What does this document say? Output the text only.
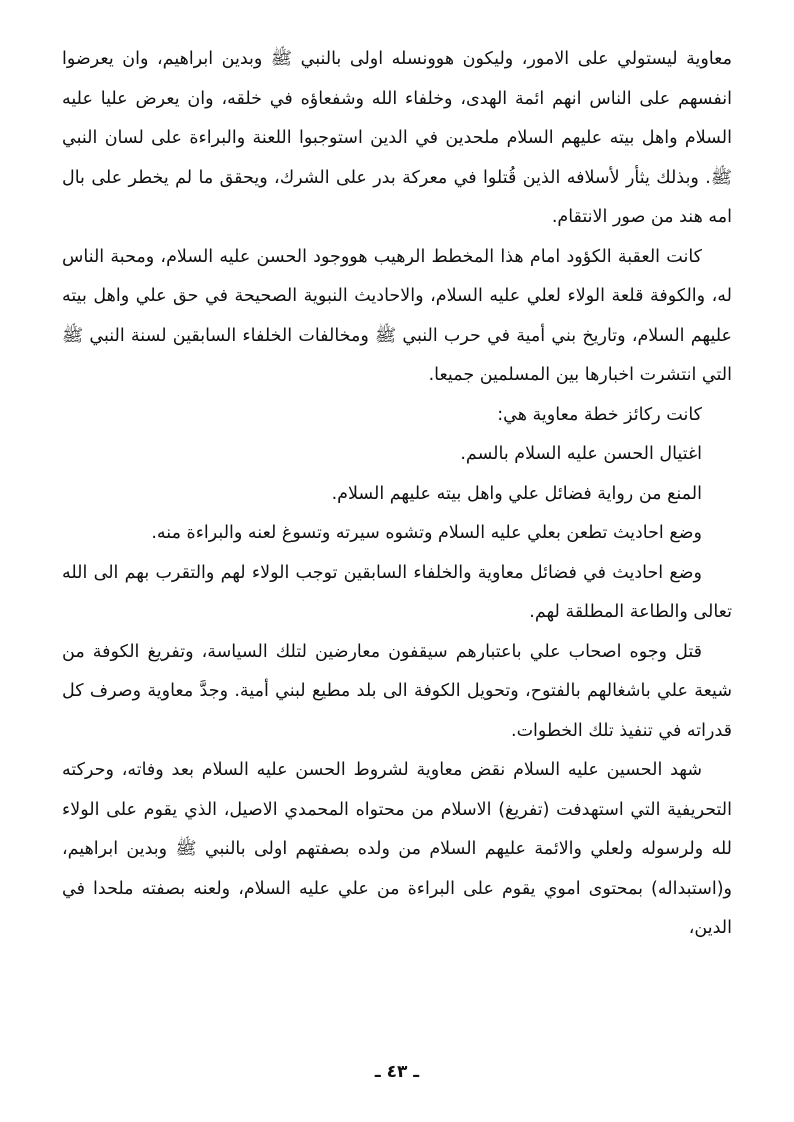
معاوية ليستولي على الامور، وليكون هوونسله اولى بالنبي ﷺ وبدين ابراهيم، وان يعرضوا انفسهم على الناس انهم ائمة الهدى، وخلفاء الله وشفعاؤه في خلقه، وان يعرض عليا عليه السلام واهل بيته عليهم السلام ملحدين في الدين استوجبوا اللعنة والبراءة على لسان النبي ﷺ. وبذلك يثأر لأسلافه الذين قُتلوا في معركة بدر على الشرك، ويحقق ما لم يخطر على بال امه هند من صور الانتقام.

كانت العقبة الكؤود امام هذا المخطط الرهيب هووجود الحسن عليه السلام، ومحبة الناس له، والكوفة قلعة الولاء لعلي عليه السلام، والاحاديث النبوية الصحيحة في حق علي واهل بيته عليهم السلام، وتاريخ بني أمية في حرب النبي ﷺ ومخالفات الخلفاء السابقين لسنة النبي ﷺ التي انتشرت اخبارها بين المسلمين جميعا.

كانت ركائز خطة معاوية هي:

اغتيال الحسن عليه السلام بالسم.

المنع من رواية فضائل علي واهل بيته عليهم السلام.

وضع احاديث تطعن بعلي عليه السلام وتشوه سيرته وتسوغ لعنه والبراءة منه.

وضع احاديث في فضائل معاوية والخلفاء السابقين توجب الولاء لهم والتقرب بهم الى الله تعالى والطاعة المطلقة لهم.

قتل وجوه اصحاب علي باعتبارهم سيقفون معارضين لتلك السياسة، وتفريغ الكوفة من شيعة علي باشغالهم بالفتوح، وتحويل الكوفة الى بلد مطيع لبني أمية. وجدَّ معاوية وصرف كل قدراته في تنفيذ تلك الخطوات.

شهد الحسين عليه السلام نقض معاوية لشروط الحسن عليه السلام بعد وفاته، وحركته التحريفية التي استهدفت (تفريغ) الاسلام من محتواه المحمدي الاصيل، الذي يقوم على الولاء لله ولرسوله ولعلي والائمة عليهم السلام من ولده بصفتهم اولى بالنبي ﷺ وبدين ابراهيم، و(استبداله) بمحتوى اموي يقوم على البراءة من علي عليه السلام، ولعنه بصفته ملحدا في الدين،

ـ ٤٣ ـ
